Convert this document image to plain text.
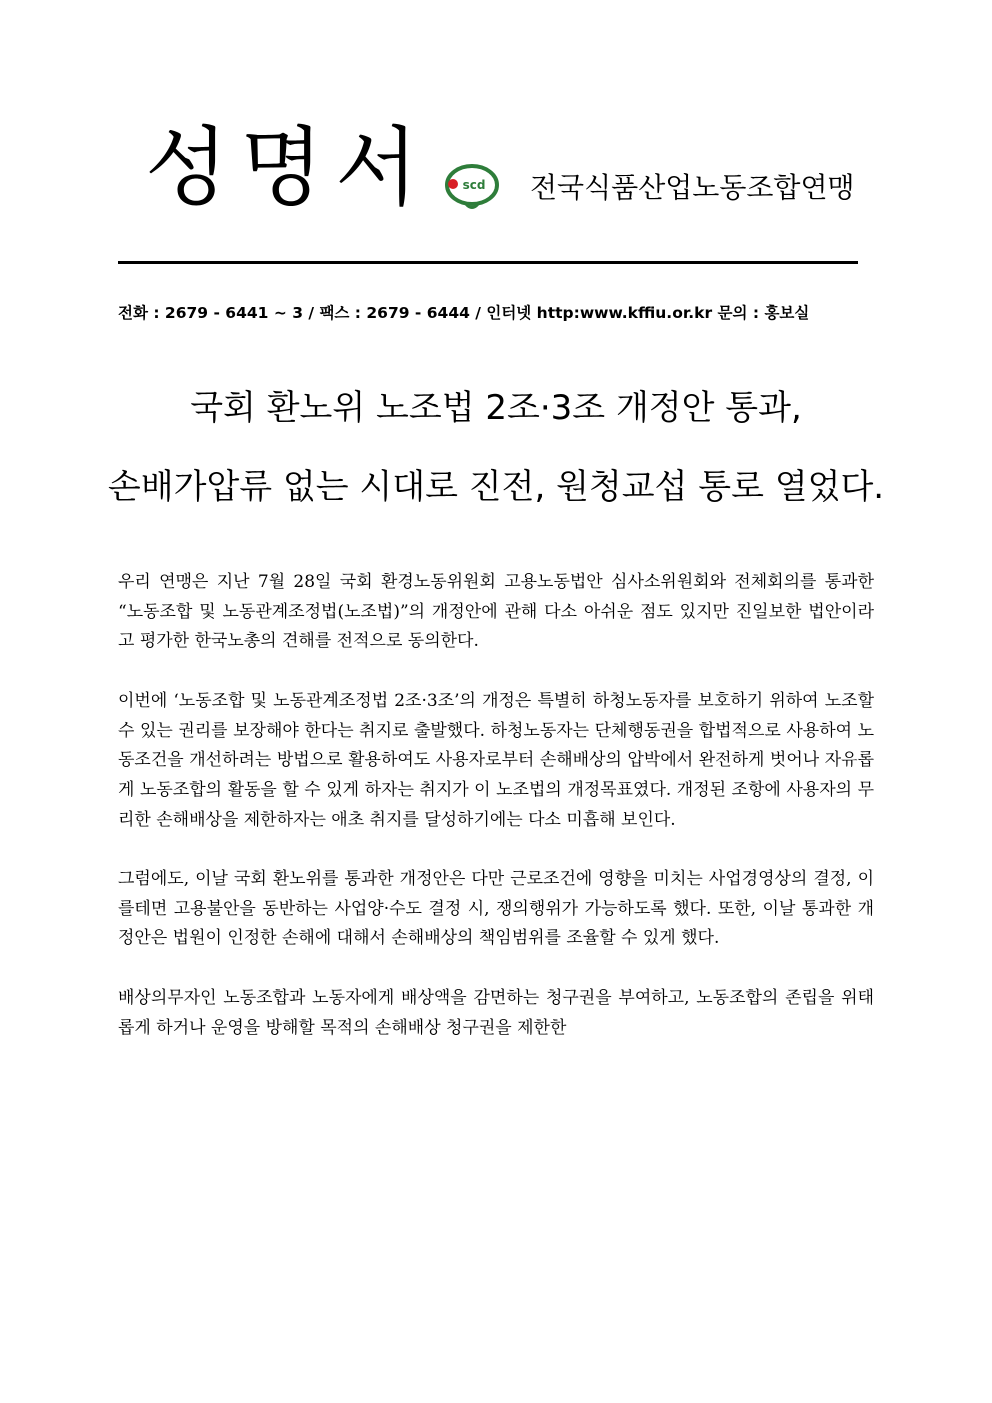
성명서	scd 전국식품산업노동조합연맹
전화 : 2679 - 6441 ~ 3 / 팩스 : 2679 - 6444 / 인터넷 http:www.kffiu.or.kr 문의 : 홍보실
국회 환노위 노조법 2조·3조 개정안 통과,
손배가압류 없는 시대로 진전, 원청교섭 통로 열었다.

우리 연맹은 지난 7월 28일 국회 환경노동위원회 고용노동법안 심사소위원회와 전체회의를 통과한 “노동조합 및 노동관계조정법(노조법)”의 개정안에 관해 다소 아쉬운 점도 있지만 진일보한 법안이라고 평가한 한국노총의 견해를 전적으로 동의한다.

이번에 ‘노동조합 및 노동관계조정법 2조·3조’의 개정은 특별히 하청노동자를 보호하기 위하여 노조할 수 있는 권리를 보장해야 한다는 취지로 출발했다. 하청노동자는 단체행동권을 합법적으로 사용하여 노동조건을 개선하려는 방법으로 활용하여도 사용자로부터 손해배상의 압박에서 완전하게 벗어나 자유롭게 노동조합의 활동을 할 수 있게 하자는 취지가 이 노조법의 개정목표였다. 개정된 조항에 사용자의 무리한 손해배상을 제한하자는 애초 취지를 달성하기에는 다소 미흡해 보인다.

그럼에도, 이날 국회 환노위를 통과한 개정안은 다만 근로조건에 영향을 미치는 사업경영상의 결정, 이를테면 고용불안을 동반하는 사업양·수도 결정 시, 쟁의행위가 가능하도록 했다. 또한, 이날 통과한 개정안은 법원이 인정한 손해에 대해서 손해배상의 책임범위를 조율할 수 있게 했다.

배상의무자인 노동조합과 노동자에게 배상액을 감면하는 청구권을 부여하고, 노동조합의 존립을 위태롭게 하거나 운영을 방해할 목적의 손해배상 청구권을 제한한
